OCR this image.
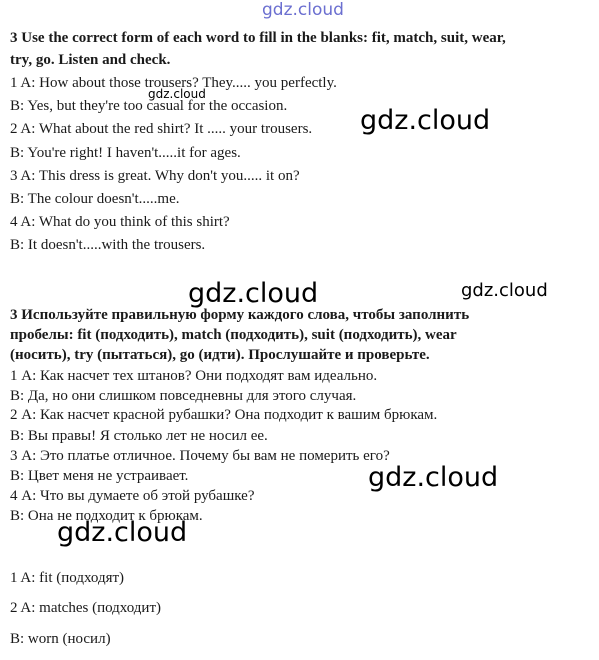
gdz.cloud
gdz.cloud
gdz.cloud
gdz.cloud	gdz.cloud
gdz.cloud
gdz.cloud
3 Use the correct form of each word to fill in the blanks: fit, match, suit, wear,
try, go. Listen and check.
1 A: How about those trousers? They..... you perfectly.
B: Yes, but they're too casual for the occasion.
2 A: What about the red shirt? It ..... your trousers.
B: You're right! I haven't.....it for ages.
3 A: This dress is great. Why don't you..... it on?
B: The colour doesn't.....me.
4 A: What do you think of this shirt?
B: It doesn't.....with the trousers.
3 Используйте правильную форму каждого слова, чтобы заполнить
пробелы: fit (подходить), match (подходить), suit (подходить), wear
(носить), try (пытаться), go (идти). Прослушайте и проверьте.
1 А: Как насчет тех штанов? Они подходят вам идеально.
В: Да, но они слишком повседневны для этого случая.
2 А: Как насчет красной рубашки? Она подходит к вашим брюкам.
В: Вы правы! Я столько лет не носил ее.
3 А: Это платье отличное. Почему бы вам не померить его?
В: Цвет меня не устраивает.
4 А: Что вы думаете об этой рубашке?
В: Она не подходит к брюкам.
1 A: fit (подходят)
2 A: matches (подходит)
B: worn (носил)
